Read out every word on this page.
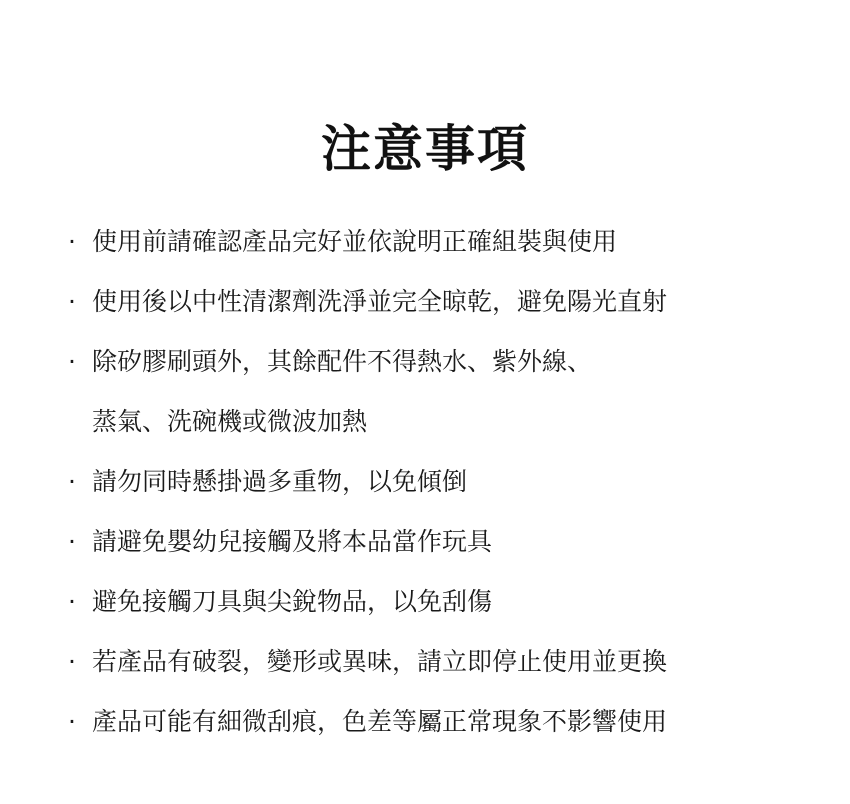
注意事項
· 使用前請確認產品完好並依說明正確組裝與使用
· 使用後以中性清潔劑洗淨並完全晾乾，避免陽光直射
· 除矽膠刷頭外，其餘配件不得熱水、紫外線、
蒸氣、洗碗機或微波加熱
· 請勿同時懸掛過多重物，以免傾倒
· 請避免嬰幼兒接觸及將本品當作玩具
· 避免接觸刀具與尖銳物品，以免刮傷
· 若產品有破裂，變形或異味，請立即停止使用並更換
· 產品可能有細微刮痕，色差等屬正常現象不影響使用
